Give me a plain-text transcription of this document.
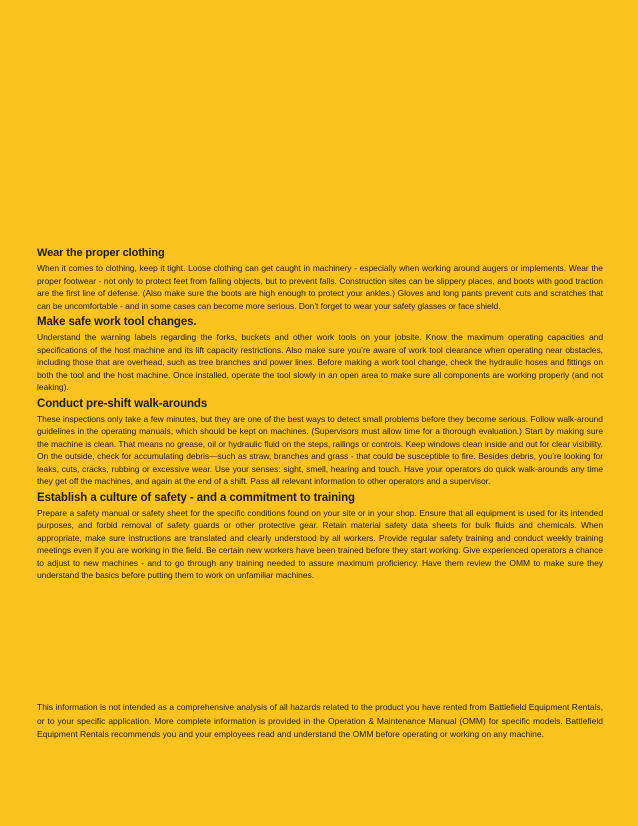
Wear the proper clothing

When it comes to clothing, keep it tight. Loose clothing can get caught in machinery - especially when working around augers or implements. Wear the proper footwear - not only to protect feet from falling objects, but to prevent falls. Construction sites can be slippery places, and boots with good traction are the first line of defense. (Also make sure the boots are high enough to protect your ankles.) Gloves and long pants prevent cuts and scratches that can be uncomfortable - and in some cases can become more serious. Don’t forget to wear your safety glasses or face shield.

Make safe work tool changes.

Understand the warning labels regarding the forks, buckets and other work tools on your jobsite. Know the maximum operating capacities and specifications of the host machine and its lift capacity restrictions. Also make sure you’re aware of work tool clearance when operating near obstacles, including those that are overhead, such as tree branches and power lines. Before making a work tool change, check the hydraulic hoses and fittings on both the tool and the host machine. Once installed, operate the tool slowly in an open area to make sure all components are working properly (and not leaking).

Conduct pre-shift walk-arounds

These inspections only take a few minutes, but they are one of the best ways to detect small problems before they become serious. Follow walk-around guidelines in the operating manuals, which should be kept on machines. (Supervisors must allow time for a thorough evaluation.) Start by making sure the machine is clean. That means no grease, oil or hydraulic fluid on the steps, railings or controls. Keep windows clean inside and out for clear visibility. On the outside, check for accumulating debris—such as straw, branches and grass - that could be susceptible to fire. Besides debris, you’re looking for leaks, cuts, cracks, rubbing or excessive wear. Use your senses: sight, smell, hearing and touch. Have your operators do quick walk-arounds any time they get off the machines, and again at the end of a shift. Pass all relevant information to other operators and a supervisor.

Establish a culture of safety - and a commitment to training

Prepare a safety manual or safety sheet for the specific conditions found on your site or in your shop. Ensure that all equipment is used for its intended purposes, and forbid removal of safety guards or other protective gear. Retain material safety data sheets for bulk fluids and chemicals. When appropriate, make sure instructions are translated and clearly understood by all workers. Provide regular safety training and conduct weekly training meetings even if you are working in the field. Be certain new workers have been trained before they start working. Give experienced operators a chance to adjust to new machines - and to go through any training needed to assure maximum proficiency. Have them review the OMM to make sure they understand the basics before putting them to work on unfamiliar machines.

This information is not intended as a comprehensive analysis of all hazards related to the product you have rented from Battlefield Equipment Rentals, or to your specific application. More complete information is provided in the Operation & Maintenance Manual (OMM) for specific models. Battlefield Equipment Rentals recommends you and your employees read and understand the OMM before operating or working on any machine.
